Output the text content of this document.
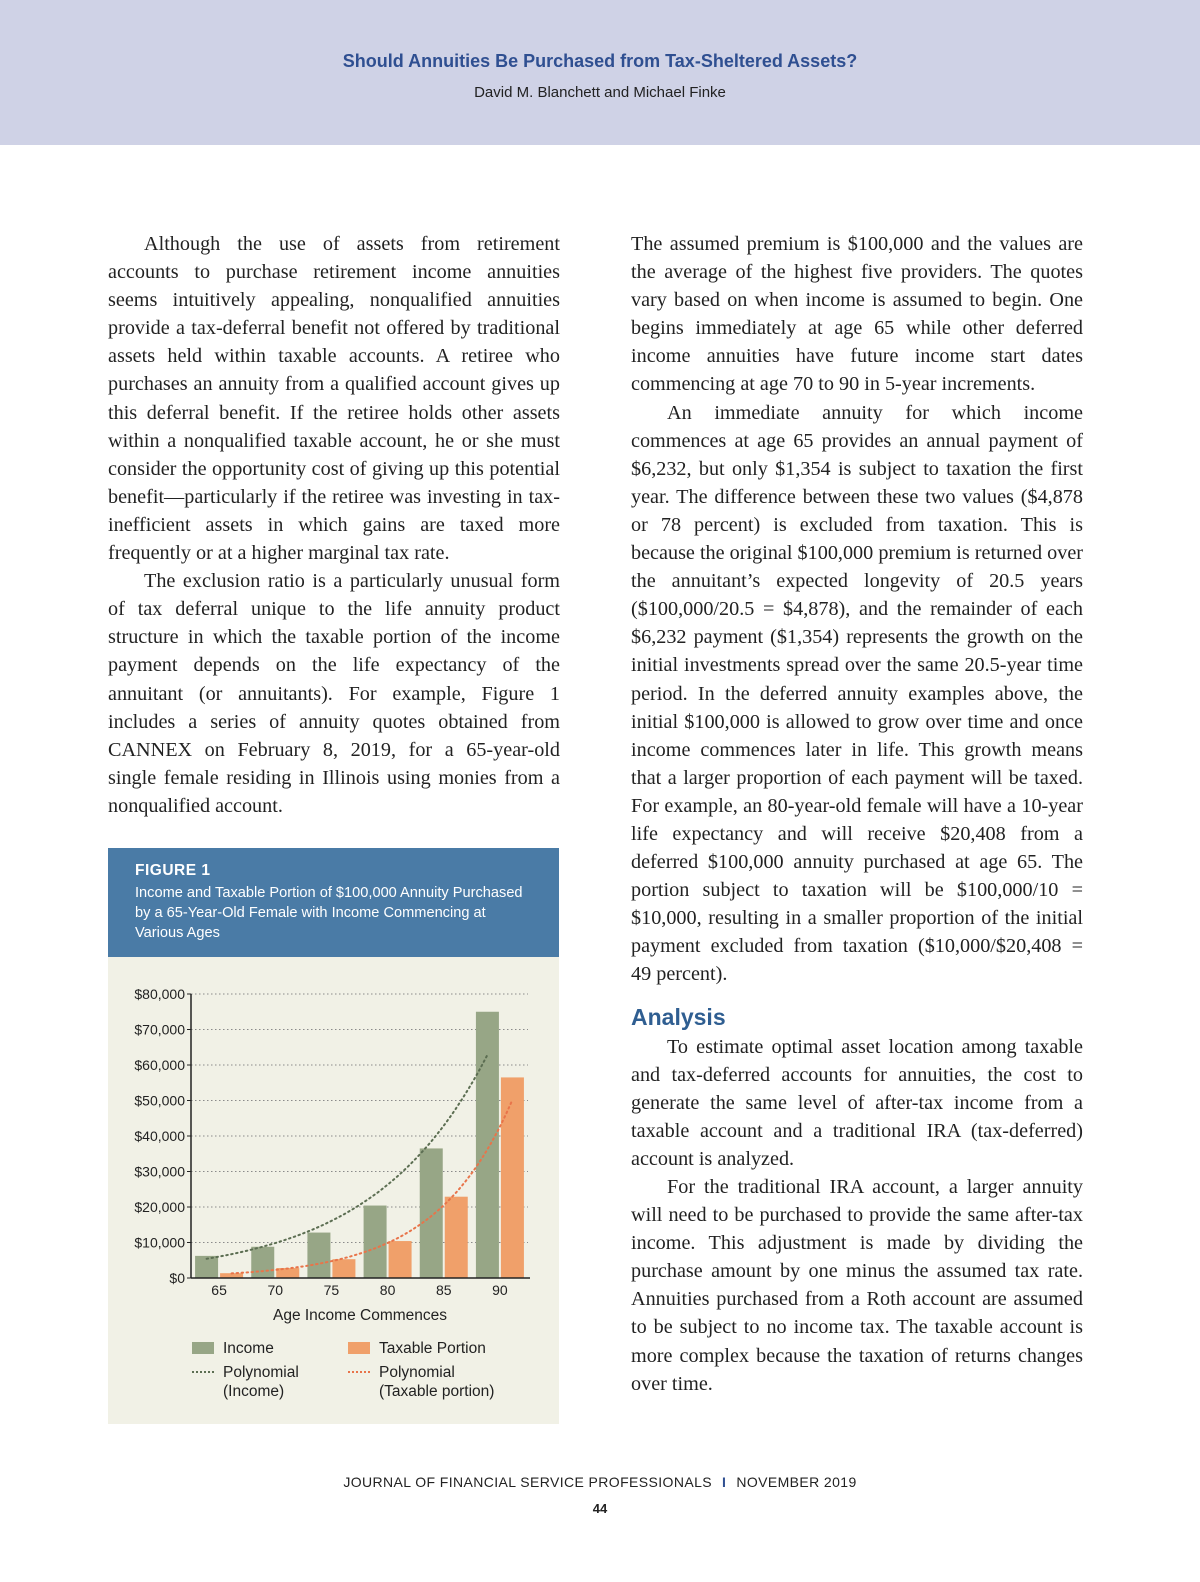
Should Annuities Be Purchased from Tax-Sheltered Assets?
David M. Blanchett and Michael Finke

Although the use of assets from retirement accounts to purchase retirement income annuities seems intuitively appealing, nonqualified annuities provide a tax-deferral benefit not offered by traditional assets held within taxable accounts. A retiree who purchases an annuity from a qualified account gives up this deferral benefit. If the retiree holds other assets within a nonqualified taxable account, he or she must consider the opportunity cost of giving up this potential benefit—particularly if the retiree was investing in tax-inefficient assets in which gains are taxed more frequently or at a higher marginal tax rate.

The exclusion ratio is a particularly unusual form of tax deferral unique to the life annuity product structure in which the taxable portion of the income payment depends on the life expectancy of the annuitant (or annuitants). For example, Figure 1 includes a series of annuity quotes obtained from CANNEX on February 8, 2019, for a 65-year-old single female residing in Illinois using monies from a nonqualified account.

FIGURE 1
Income and Taxable Portion of $100,000 Annuity Purchased by a 65-Year-Old Female with Income Commencing at Various Ages
$0
$10,000
$20,000
$30,000
$40,000
$50,000
$60,000
$70,000
$80,000
65	70	75	80	85	90
Age Income Commences
Income	Taxable Portion
Polynomial
(Income)
Polynomial
(Taxable portion)

The assumed premium is $100,000 and the values are the average of the highest five providers. The quotes vary based on when income is assumed to begin. One begins immediately at age 65 while other deferred income annuities have future income start dates commencing at age 70 to 90 in 5-year increments.

An immediate annuity for which income commences at age 65 provides an annual payment of $6,232, but only $1,354 is subject to taxation the first year. The difference between these two values ($4,878 or 78 percent) is excluded from taxation. This is because the original $100,000 premium is returned over the annuitant’s expected longevity of 20.5 years ($100,000/20.5 = $4,878), and the remainder of each $6,232 payment ($1,354) represents the growth on the initial investments spread over the same 20.5-year time period. In the deferred annuity examples above, the initial $100,000 is allowed to grow over time and once income commences later in life. This growth means that a larger proportion of each payment will be taxed. For example, an 80-year-old female will have a 10-year life expectancy and will receive $20,408 from a deferred $100,000 annuity purchased at age 65. The portion subject to taxation will be $100,000/10 = $10,000, resulting in a smaller proportion of the initial payment excluded from taxation ($10,000/$20,408 = 49 percent).

Analysis

To estimate optimal asset location among taxable and tax-deferred accounts for annuities, the cost to generate the same level of after-tax income from a taxable account and a traditional IRA (tax-deferred) account is analyzed.

For the traditional IRA account, a larger annuity will need to be purchased to provide the same after-tax income. This adjustment is made by dividing the purchase amount by one minus the assumed tax rate. Annuities purchased from a Roth account are assumed to be subject to no income tax. The taxable account is more complex because the taxation of returns changes over time.

JOURNAL OF FINANCIAL SERVICE PROFESSIONALS I NOVEMBER 2019
44
